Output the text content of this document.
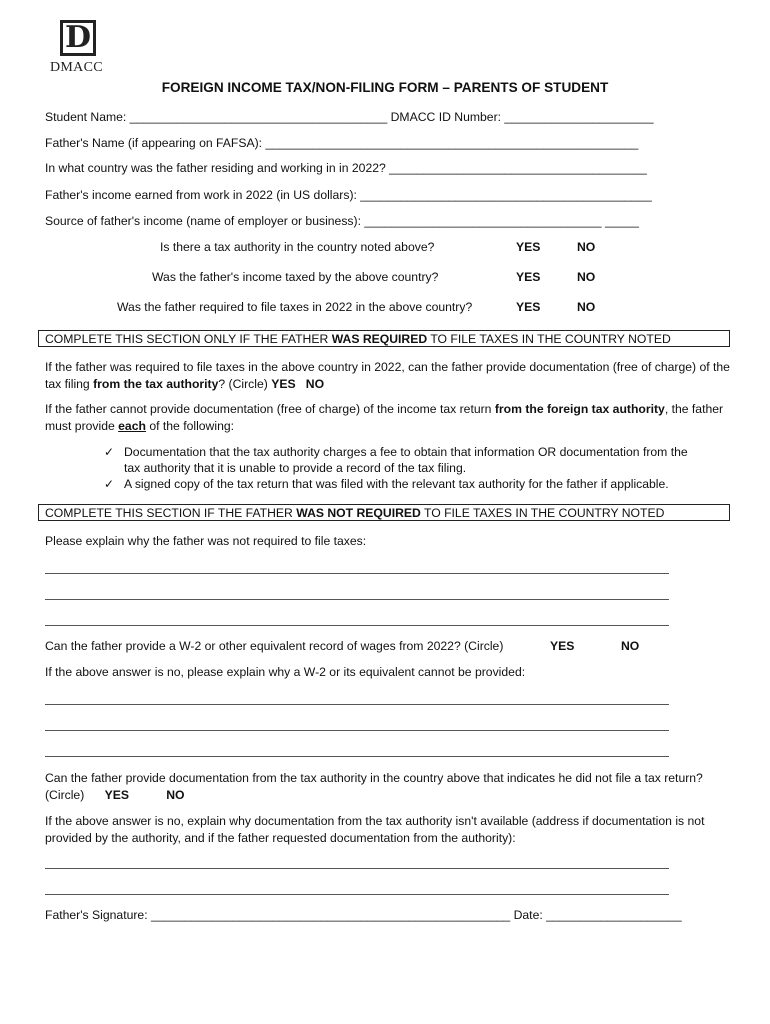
D
DMACC
FOREIGN INCOME TAX/NON-FILING FORM – PARENTS OF STUDENT
Student Name: ______________________________________ DMACC ID Number: ______________________
Father's Name (if appearing on FAFSA): _______________________________________________________
In what country was the father residing and working in in 2022? ______________________________________
Father's income earned from work in 2022 (in US dollars): ___________________________________________
Source of father's income (name of employer or business): ___________________________________ _____
Is there a tax authority in the country noted above?	YES	NO
Was the father's income taxed by the above country?	YES	NO
Was the father required to file taxes in 2022 in the above country?	YES	NO
COMPLETE THIS SECTION ONLY IF THE FATHER WAS REQUIRED TO FILE TAXES IN THE COUNTRY NOTED
If the father was required to file taxes in the above country in 2022, can the father provide documentation (free of charge) of the tax filing from the tax authority? (Circle) YES NO
If the father cannot provide documentation (free of charge) of the income tax return from the foreign tax authority, the father must provide each of the following:
✓ Documentation that the tax authority charges a fee to obtain that information OR documentation from the
tax authority that it is unable to provide a record of the tax filing.
✓ A signed copy of the tax return that was filed with the relevant tax authority for the father if applicable.
COMPLETE THIS SECTION IF THE FATHER WAS NOT REQUIRED TO FILE TAXES IN THE COUNTRY NOTED
Please explain why the father was not required to file taxes:
Can the father provide a W-2 or other equivalent record of wages from 2022? (Circle)	YES	NO
If the above answer is no, please explain why a W-2 or its equivalent cannot be provided:
Can the father provide documentation from the tax authority in the country above that indicates he did not file a tax return?
(Circle) YES	NO
If the above answer is no, explain why documentation from the tax authority isn't available (address if documentation is not provided by the authority, and if the father requested documentation from the authority):
Father's Signature: _____________________________________________________ Date: ____________________
